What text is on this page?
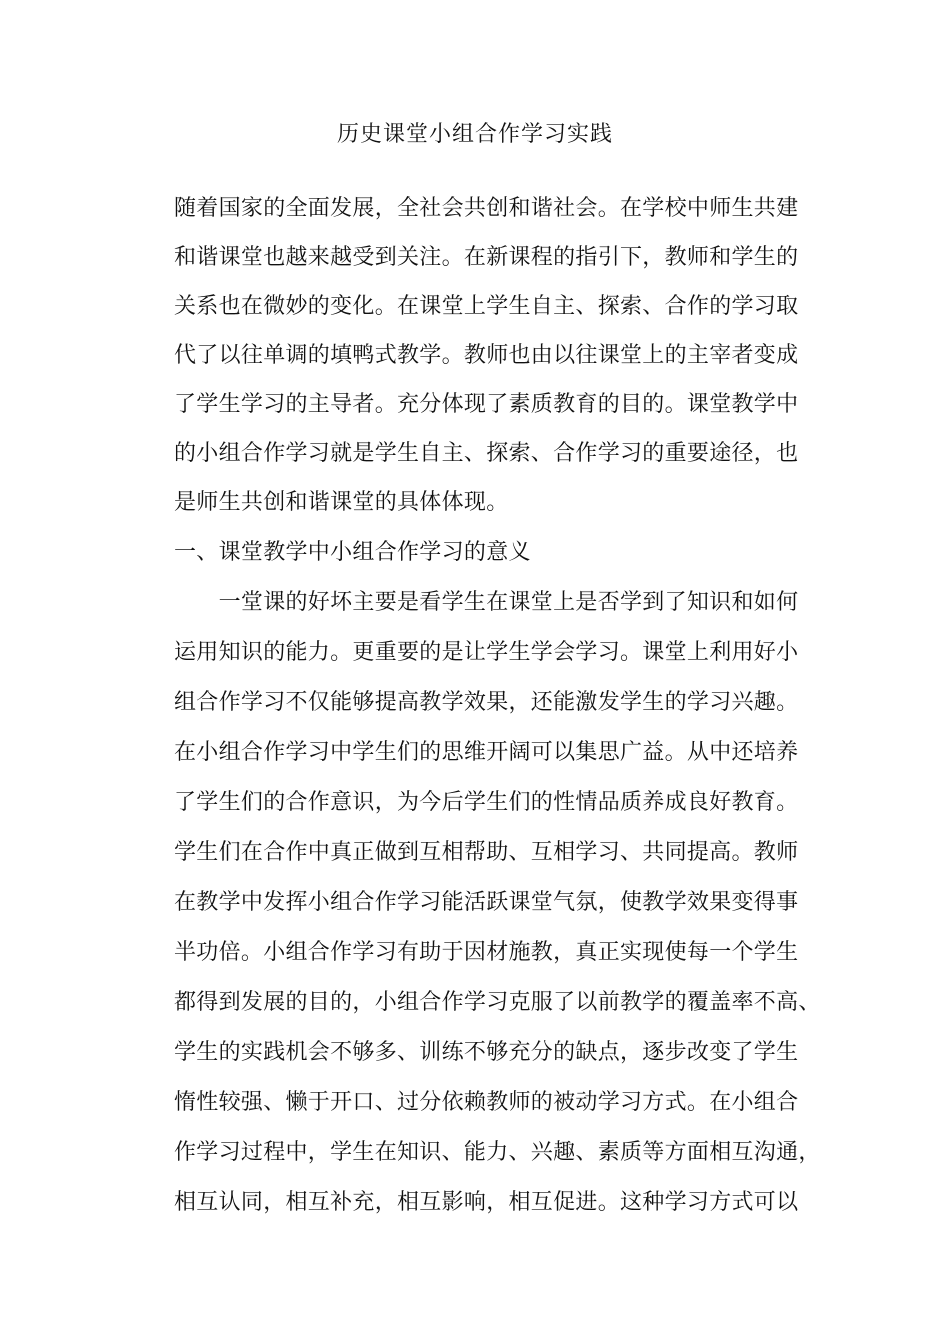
历史课堂小组合作学习实践
随着国家的全面发展，全社会共创和谐社会。在学校中师生共建
和谐课堂也越来越受到关注。在新课程的指引下，教师和学生的
关系也在微妙的变化。在课堂上学生自主、探索、合作的学习取
代了以往单调的填鸭式教学。教师也由以往课堂上的主宰者变成
了学生学习的主导者。充分体现了素质教育的目的。课堂教学中
的小组合作学习就是学生自主、探索、合作学习的重要途径，也
是师生共创和谐课堂的具体体现。
一、课堂教学中小组合作学习的意义
　　一堂课的好坏主要是看学生在课堂上是否学到了知识和如何
运用知识的能力。更重要的是让学生学会学习。课堂上利用好小
组合作学习不仅能够提高教学效果，还能激发学生的学习兴趣。
在小组合作学习中学生们的思维开阔可以集思广益。从中还培养
了学生们的合作意识，为今后学生们的性情品质养成良好教育。
学生们在合作中真正做到互相帮助、互相学习、共同提高。教师
在教学中发挥小组合作学习能活跃课堂气氛，使教学效果变得事
半功倍。小组合作学习有助于因材施教，真正实现使每一个学生
都得到发展的目的，小组合作学习克服了以前教学的覆盖率不高、
学生的实践机会不够多、训练不够充分的缺点，逐步改变了学生
惰性较强、懒于开口、过分依赖教师的被动学习方式。在小组合
作学习过程中，学生在知识、能力、兴趣、素质等方面相互沟通，
相互认同，相互补充，相互影响，相互促进。这种学习方式可以
